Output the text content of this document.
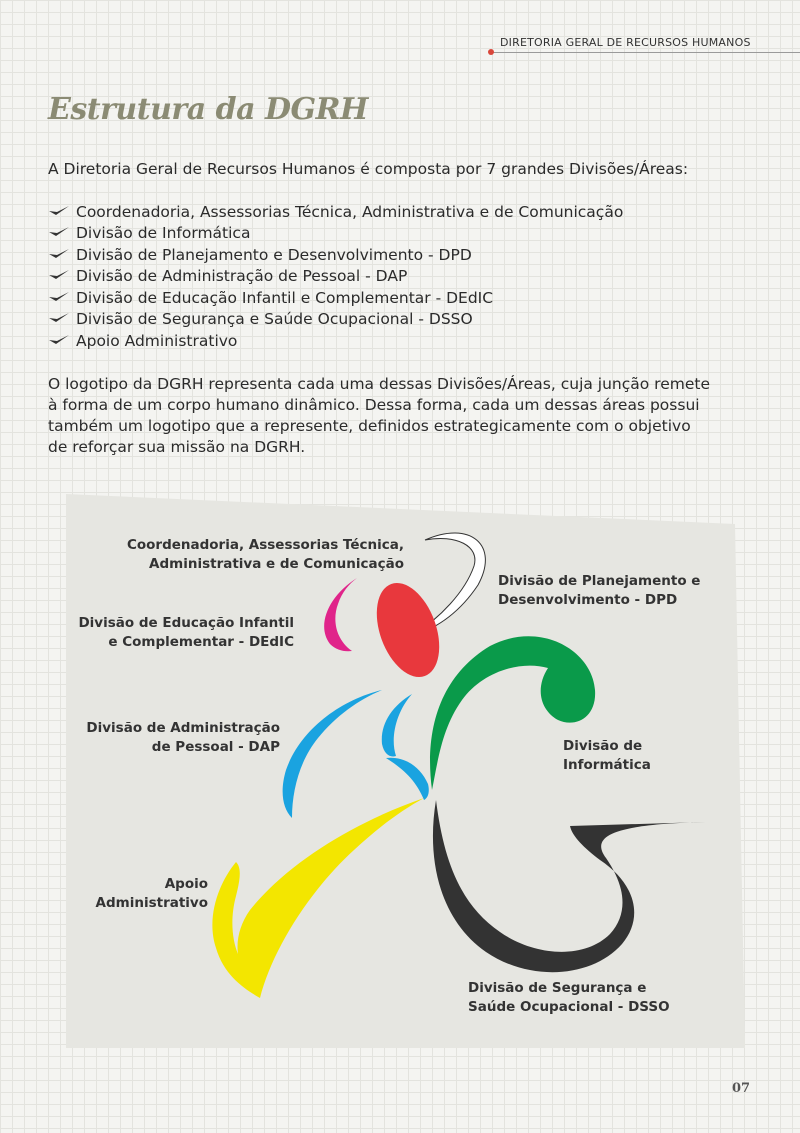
DIRETORIA GERAL DE RECURSOS HUMANOS
Estrutura da DGRH

A Diretoria Geral de Recursos Humanos é composta por 7 grandes Divisões/Áreas:

Coordenadoria, Assessorias Técnica, Administrativa e de Comunicação
Divisão de Informática
Divisão de Planejamento e Desenvolvimento - DPD
Divisão de Administração de Pessoal - DAP
Divisão de Educação Infantil e Complementar - DEdIC
Divisão de Segurança e Saúde Ocupacional - DSSO
Apoio Administrativo
O logotipo da DGRH representa cada uma dessas Divisões/Áreas, cuja junção remete
à forma de um corpo humano dinâmico. Dessa forma, cada um dessas áreas possui
também um logotipo que a represente, definidos estrategicamente com o objetivo
de reforçar sua missão na DGRH.
Coordenadoria, Assessorias Técnica,
Administrativa e de Comunicação
Divisão de Educação Infantil
e Complementar - DEdIC
Divisão de Planejamento e
Desenvolvimento - DPD
Divisão de Administração
de Pessoal - DAP	Divisão de
Informática
Apoio
Administrativo
Divisão de Segurança e
Saúde Ocupacional - DSSO
07
